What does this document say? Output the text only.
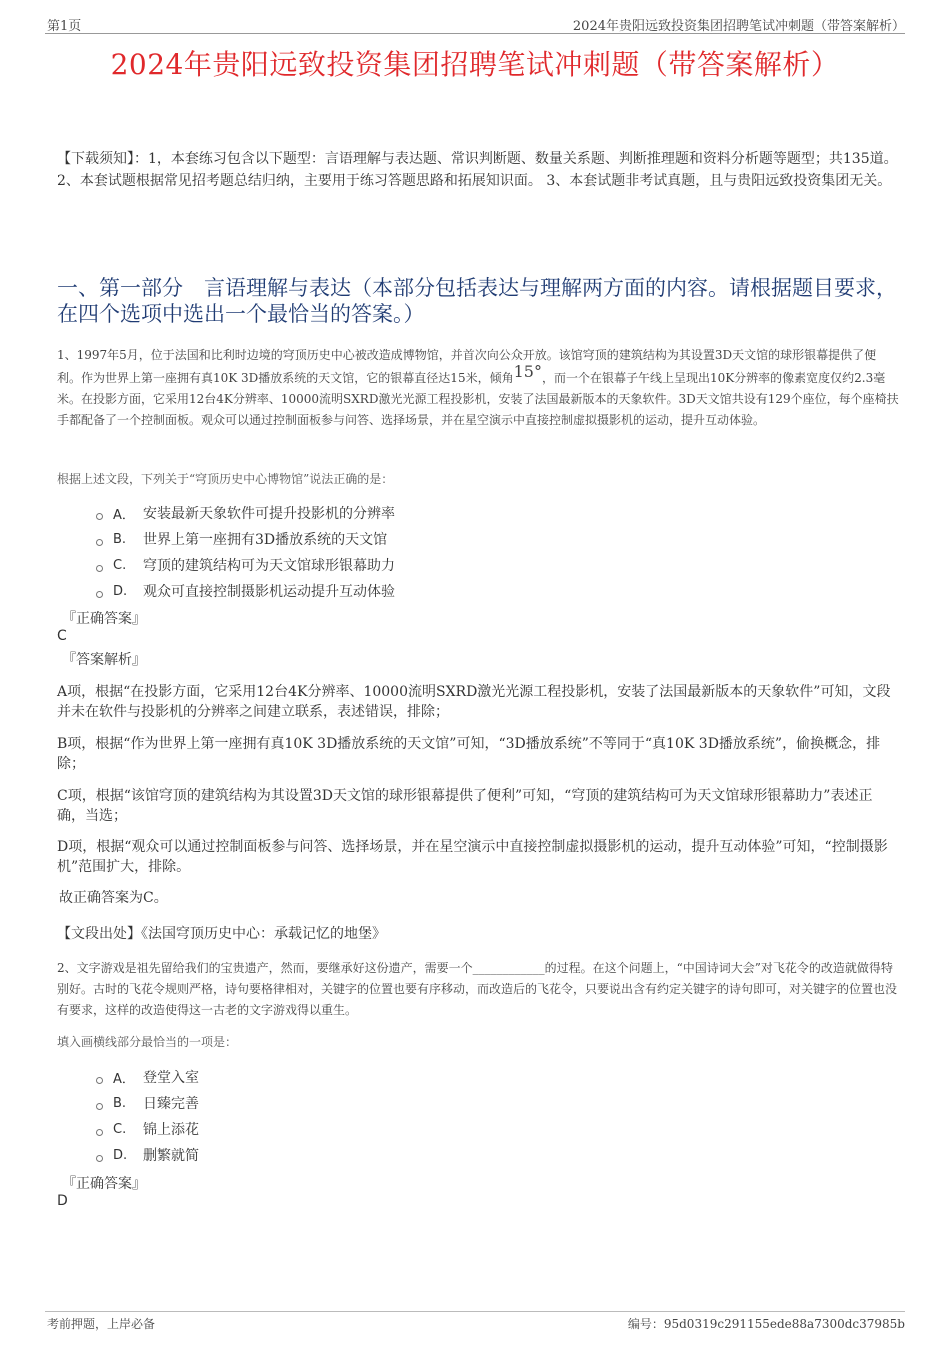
第1页	2024年贵阳远致投资集团招聘笔试冲刺题（带答案解析）
2024年贵阳远致投资集团招聘笔试冲刺题（带答案解析）
【下载须知】：1，本套练习包含以下题型：言语理解与表达题、常识判断题、数量关系题、判断推理题和资料分析题等题型；共135道。 2、本套试题根据常见招考题总结归纳，主要用于练习答题思路和拓展知识面。 3、本套试题非考试真题，且与贵阳远致投资集团无关。
一、第一部分　言语理解与表达（本部分包括表达与理解两方面的内容。请根据题目要求，在四个选项中选出一个最恰当的答案。）
1、1997年5月，位于法国和比利时边境的穹顶历史中心被改造成博物馆，并首次向公众开放。该馆穹顶的建筑结构为其设置3D天文馆的球形银幕提供了便利。作为世界上第一座拥有真10K 3D播放系统的天文馆，它的银幕直径达15米，倾角15°，而一个在银幕子午线上呈现出10K分辨率的像素宽度仅约2.3毫米。在投影方面，它采用12台4K分辨率、10000流明SXRD激光光源工程投影机，安装了法国最新版本的天象软件。3D天文馆共设有129个座位，每个座椅扶手都配备了一个控制面板。观众可以通过控制面板参与问答、选择场景，并在星空演示中直接控制虚拟摄影机的运动，提升互动体验。
根据上述文段，下列关于“穹顶历史中心博物馆”说法正确的是：
A． 安装最新天象软件可提升投影机的分辨率
B.	世界上第一座拥有3D播放系统的天文馆
C.	穹顶的建筑结构可为天文馆球形银幕助力
D.	观众可直接控制摄影机运动提升互动体验
『正确答案』
C
『答案解析』
A项，根据“在投影方面，它采用12台4K分辨率、10000流明SXRD激光光源工程投影机，安装了法国最新版本的天象软件”可知，文段并未在软件与投影机的分辨率之间建立联系，表述错误，排除；
B项，根据“作为世界上第一座拥有真10K 3D播放系统的天文馆”可知，“3D播放系统”不等同于“真10K 3D播放系统”，偷换概念，排除；
C项，根据“该馆穹顶的建筑结构为其设置3D天文馆的球形银幕提供了便利”可知，“穹顶的建筑结构可为天文馆球形银幕助力”表述正确，当选；
D项，根据“观众可以通过控制面板参与问答、选择场景，并在星空演示中直接控制虚拟摄影机的运动，提升互动体验”可知，“控制摄影机”范围扩大，排除。
故正确答案为C。
【文段出处】《法国穹顶历史中心：承载记忆的地堡》
2、文字游戏是祖先留给我们的宝贵遗产，然而，要继承好这份遗产，需要一个____________的过程。在这个问题上，“中国诗词大会”对飞花令的改造就做得特别好。古时的飞花令规则严格，诗句要格律相对，关键字的位置也要有序移动，而改造后的飞花令，只要说出含有约定关键字的诗句即可，对关键字的位置也没有要求，这样的改造使得这一古老的文字游戏得以重生。
填入画横线部分最恰当的一项是：
A． 登堂入室
B.	日臻完善
C.	锦上添花
D.	删繁就简
『正确答案』
D
考前押题，上岸必备	编号：95d0319c291155ede88a7300dc37985b
